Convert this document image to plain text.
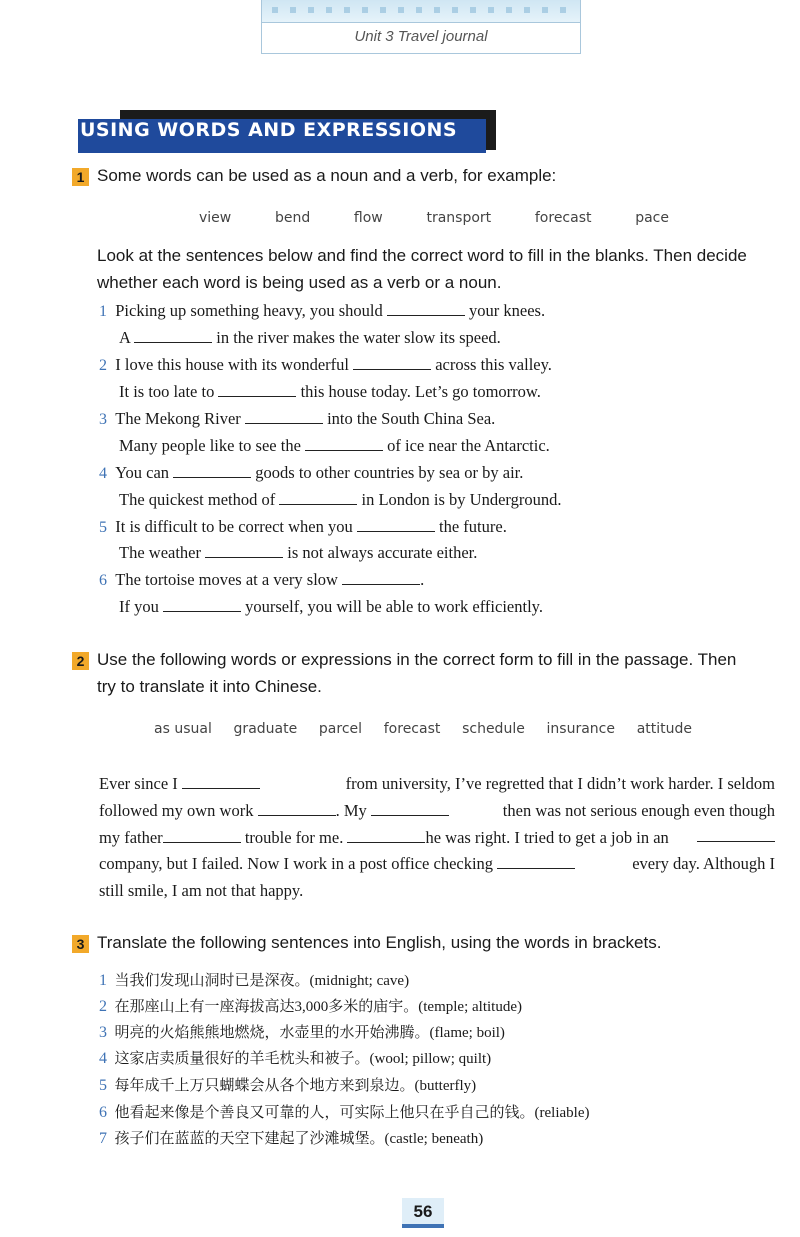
Unit 3 Travel journal
USING WORDS AND EXPRESSIONS
1 Some words can be used as a noun and a verb, for example:
view	bend	flow	transport	forecast	pace
Look at the sentences below and find the correct word to fill in the blanks. Then decide
whether each word is being used as a verb or a noun.
1 Picking up something heavy, you should	your knees.
A	in the river makes the water slow its speed.
2 I love this house with its wonderful	across this valley.
It is too late to	this house today. Let’s go tomorrow.
3 The Mekong River	into the South China Sea.
Many people like to see the	of ice near the Antarctic.
4 You can	goods to other countries by sea or by air.
The quickest method of	in London is by Underground.
5 It is difficult to be correct when you	the future.
The weather	is not always accurate either.
6 The tortoise moves at a very slow	.
If you	yourself, you will be able to work efficiently.
2 Use the following words or expressions in the correct form to fill in the passage. Then
try to translate it into Chinese.
as usual graduate parcel forecast schedule insurance attitude
Ever since I	from university, I’ve regretted that I didn’t work harder. I seldom
followed my own work	. My	then was not serious enough even though
my father	trouble for me.	he was right. I tried to get a job in an
company, but I failed. Now I work in a post office checking	every day. Although I
still smile, I am not that happy.
3 Translate the following sentences into English, using the words in brackets.
1 当我们发现山洞时已是深夜。(midnight; cave)
2 在那座山上有一座海拔高达3,000多米的庙宇。(temple; altitude)
3 明亮的火焰熊熊地燃烧，水壶里的水开始沸腾。(flame; boil)
4 这家店卖质量很好的羊毛枕头和被子。(wool; pillow; quilt)
5 每年成千上万只蝴蝶会从各个地方来到泉边。(butterfly)
6 他看起来像是个善良又可靠的人，可实际上他只在乎自己的钱。(reliable)
7 孩子们在蓝蓝的天空下建起了沙滩城堡。(castle; beneath)
56
